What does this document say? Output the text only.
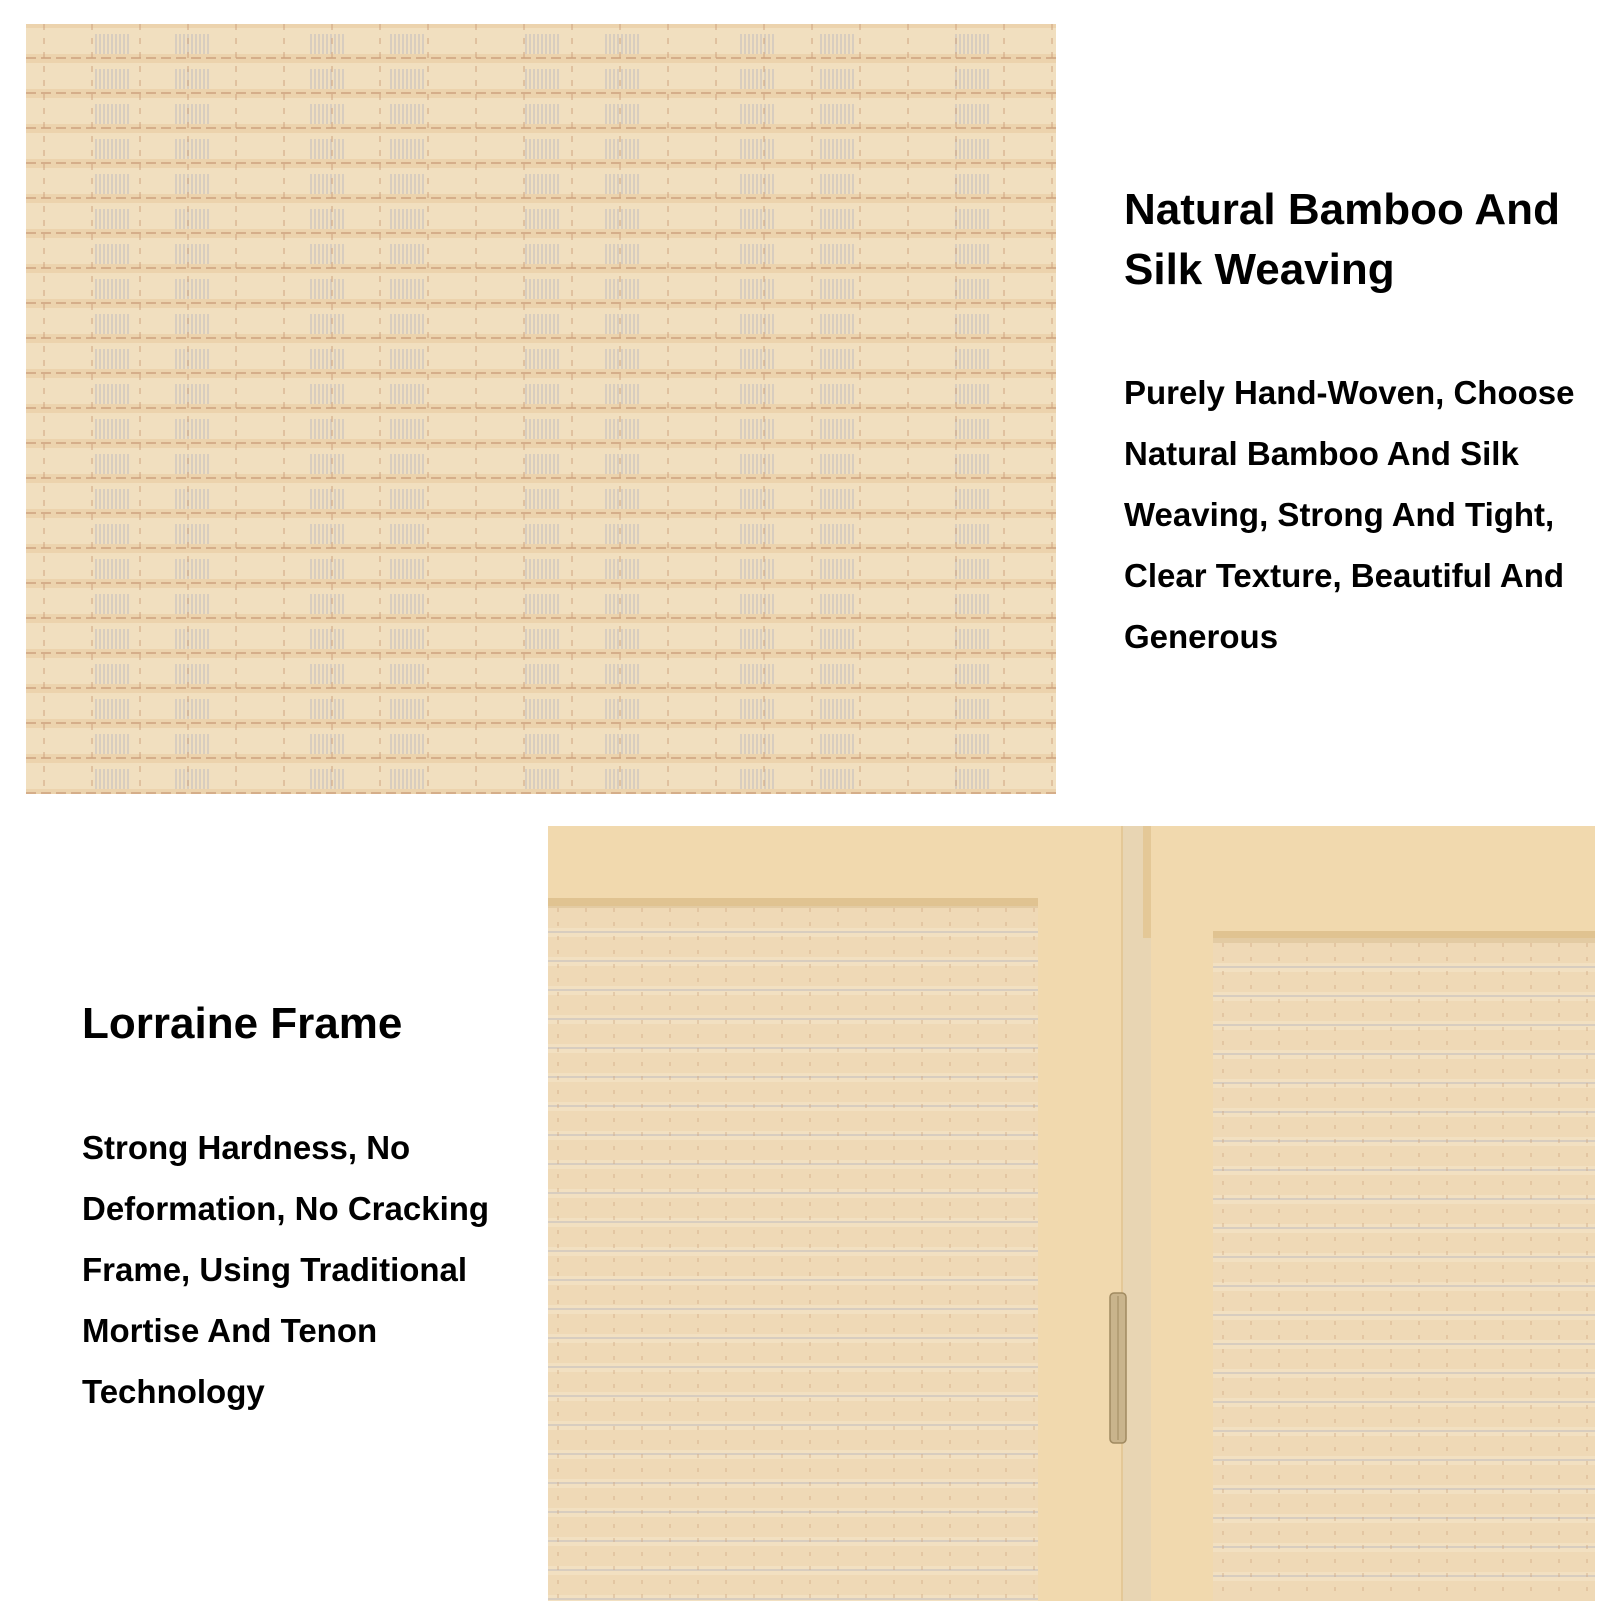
Natural Bamboo And Silk Weaving

Purely Hand-Woven, Choose Natural Bamboo And Silk Weaving, Strong And Tight, Clear Texture, Beautiful And Generous

Lorraine Frame

Strong Hardness, No Deformation, No Cracking Frame, Using Traditional Mortise And Tenon Technology
